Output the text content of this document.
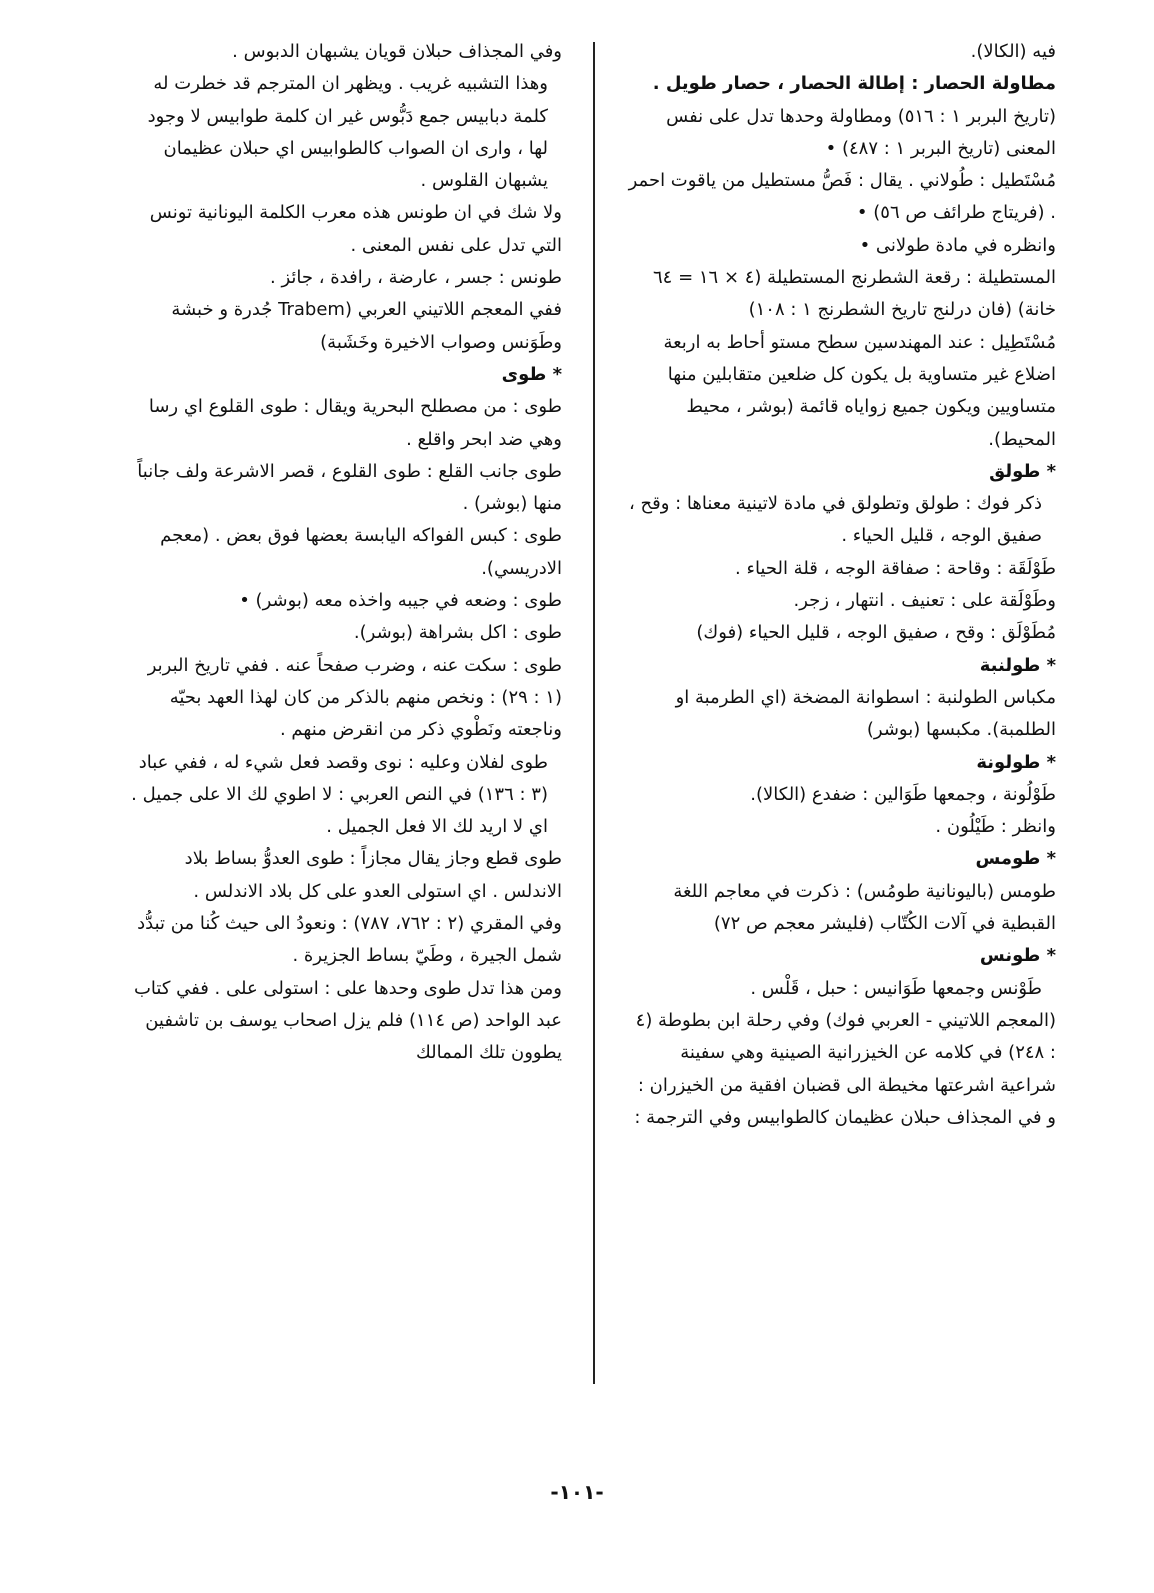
فيه (الكالا).

مطاولة الحصار : إطالة الحصار ، حصار طويل .

(تاريخ البربر ١ : ٥١٦) ومطاولة وحدها تدل على نفس المعنى (تاريخ البربر ١ : ٤٨٧) •

مُسْتَطيل : طُولاني . يقال : فَصُّ مستطيل من ياقوت احمر . (فريتاج طرائف ص ٥٦) •

وانظره في مادة طولانى •

المستطيلة : رقعة الشطرنج المستطيلة (٤ × ١٦ = ٦٤ خانة) (فان درلنج تاريخ الشطرنج ١ : ١٠٨)

مُسْتَطِيل : عند المهندسين سطح مستو أحاط به اربعة اضلاع غير متساوية بل يكون كل ضلعين متقابلين منها متساويين ويكون جميع زواياه قائمة (بوشر ، محيط المحيط).

* طولق

ذكر فوك : طولق وتطولق في مادة لاتينية معناها : وقح ، صفيق الوجه ، قليل الحياء .

طَوْلَقَة : وقاحة : صفاقة الوجه ، قلة الحياء .

وطَوْلَقة على : تعنيف . انتهار ، زجر.

مُطَوْلَق : وقح ، صفيق الوجه ، قليل الحياء (فوك)

* طولنبة

مكباس الطولنبة : اسطوانة المضخة (اي الطرمبة او الطلمبة). مكبسها (بوشر)

* طولونة

طَوْلُونة ، وجمعها طَوَالين : ضفدع (الكالا).

وانظر : طَيْلُون .

* طومس

طومس (باليونانية طومُس) : ذكرت في معاجم اللغة القبطية في آلات الكُتّاب (فليشر معجم ص ٧٢)

* طونس

طَوْنس وجمعها طَوَانيس : حبل ، قَلْس .

(المعجم اللاتيني - العربي فوك) وفي رحلة ابن بطوطة (٤ : ٢٤٨) في كلامه عن الخيزرانية الصينية وهي سفينة شراعية اشرعتها مخيطة الى قضبان افقية من الخيزران : و في المجذاف حبلان عظيمان كالطوابيس وفي الترجمة :

وفي المجذاف حبلان قويان يشبهان الدبوس .

وهذا التشبيه غريب . ويظهر ان المترجم قد خطرت له كلمة دبابيس جمع دَبُّوس غير ان كلمة طوابيس لا وجود لها ، واری ان الصواب كالطوابيس اي حبلان عظيمان يشبهان القلوس .

ولا شك في ان طونس هذه معرب الكلمة اليونانية تونس التي تدل على نفس المعنى .

طونس : جسر ، عارضة ، رافدة ، جائز .

ففي المعجم اللاتيني العربي (Trabem جُدرة و خبشة وطَوَنس وصواب الاخيرة وخَشَبة)

* طوى

طوى : من مصطلح البحرية ويقال : طوى القلوع اي رسا وهي ضد ابحر واقلع .

طوى جانب القلع : طوى القلوع ، قصر الاشرعة ولف جانباً منها (بوشر) .

طوى : كبس الفواكه اليابسة بعضها فوق بعض . (معجم الادريسي).

طوى : وضعه في جيبه واخذه معه (بوشر) •

طوى : اكل بشراهة (بوشر).

طوى : سكت عنه ، وضرب صفحاً عنه . ففي تاريخ البربر (١ : ٢٩) : ونخص منهم بالذكر من كان لهذا العهد بحيّه وناجعته ونَطْوي ذكر من انقرض منهم .

طوى لفلان وعليه : نوى وقصد فعل شيء له ، ففي عباد (٣ : ١٣٦) في النص العربي : لا اطوي لك الا على جميل . اي لا اريد لك الا فعل الجميل .

طوى قطع وجاز يقال مجازاً : طوى العدوُّ بساط بلاد الاندلس . اي استولى العدو على كل بلاد الاندلس .

وفي المقري (٢ : ٧٦٢، ٧٨٧) : ونعودُ الى حيث كُنا من تبدُّد شمل الجيرة ، وطَيّ بساط الجزيرة .

ومن هذا تدل طوى وحدها على : استولى على . ففي كتاب عبد الواحد (ص ١١٤) فلم يزل اصحاب يوسف بن تاشفين يطوون تلك الممالك

-١٠١-
